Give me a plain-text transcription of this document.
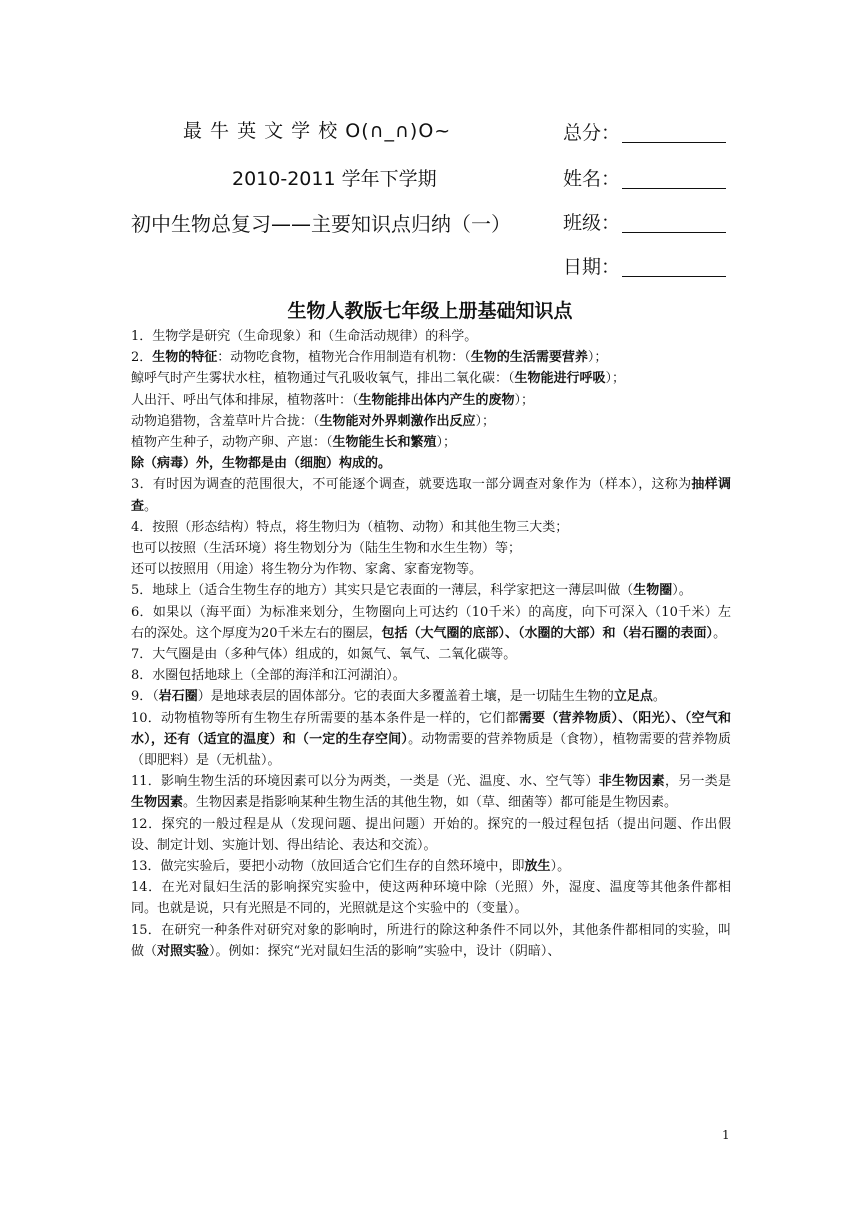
最 牛 英 文 学 校 O(∩_∩)O~
2010-2011 学年下学期
初中生物总复习——主要知识点归纳（一）
总分：
姓名：
班级：
日期：
生物人教版七年级上册基础知识点

1．生物学是研究（生命现象）和（生命活动规律）的科学。

2．生物的特征：动物吃食物，植物光合作用制造有机物：（生物的生活需要营养）；

鲸呼气时产生雾状水柱，植物通过气孔吸收氧气，排出二氧化碳：（生物能进行呼吸）；

人出汗、呼出气体和排尿，植物落叶：（生物能排出体内产生的废物）；

动物追猎物，含羞草叶片合拢：（生物能对外界刺激作出反应）；

植物产生种子，动物产卵、产崽：（生物能生长和繁殖）；

除（病毒）外，生物都是由（细胞）构成的。

3．有时因为调查的范围很大，不可能逐个调查，就要选取一部分调查对象作为（样本），这称为抽样调查。

4．按照（形态结构）特点，将生物归为（植物、动物）和其他生物三大类；

也可以按照（生活环境）将生物划分为（陆生生物和水生生物）等；

还可以按照用（用途）将生物分为作物、家禽、家畜宠物等。

5．地球上（适合生物生存的地方）其实只是它表面的一薄层，科学家把这一薄层叫做（生物圈）。

6．如果以（海平面）为标准来划分，生物圈向上可达约（10千米）的高度，向下可深入（10千米）左右的深处。这个厚度为20千米左右的圈层，包括（大气圈的底部）、（水圈的大部）和（岩石圈的表面）。

7．大气圈是由（多种气体）组成的，如氮气、氧气、二氧化碳等。

8．水圈包括地球上（全部的海洋和江河湖泊）。

9．（岩石圈）是地球表层的固体部分。它的表面大多覆盖着土壤，是一切陆生生物的立足点。

10．动物植物等所有生物生存所需要的基本条件是一样的，它们都需要（营养物质）、（阳光）、（空气和水），还有（适宜的温度）和（一定的生存空间）。动物需要的营养物质是（食物），植物需要的营养物质（即肥料）是（无机盐）。

11．影响生物生活的环境因素可以分为两类，一类是（光、温度、水、空气等）非生物因素，另一类是生物因素。生物因素是指影响某种生物生活的其他生物，如（草、细菌等）都可能是生物因素。

12．探究的一般过程是从（发现问题、提出问题）开始的。探究的一般过程包括（提出问题、作出假设、制定计划、实施计划、得出结论、表达和交流）。

13．做完实验后，要把小动物（放回适合它们生存的自然环境中，即放生）。

14．在光对鼠妇生活的影响探究实验中，使这两种环境中除（光照）外，湿度、温度等其他条件都相同。也就是说，只有光照是不同的，光照就是这个实验中的（变量）。

15．在研究一种条件对研究对象的影响时，所进行的除这种条件不同以外，其他条件都相同的实验，叫做（对照实验）。例如：探究“光对鼠妇生活的影响”实验中，设计（阴暗）、

1
